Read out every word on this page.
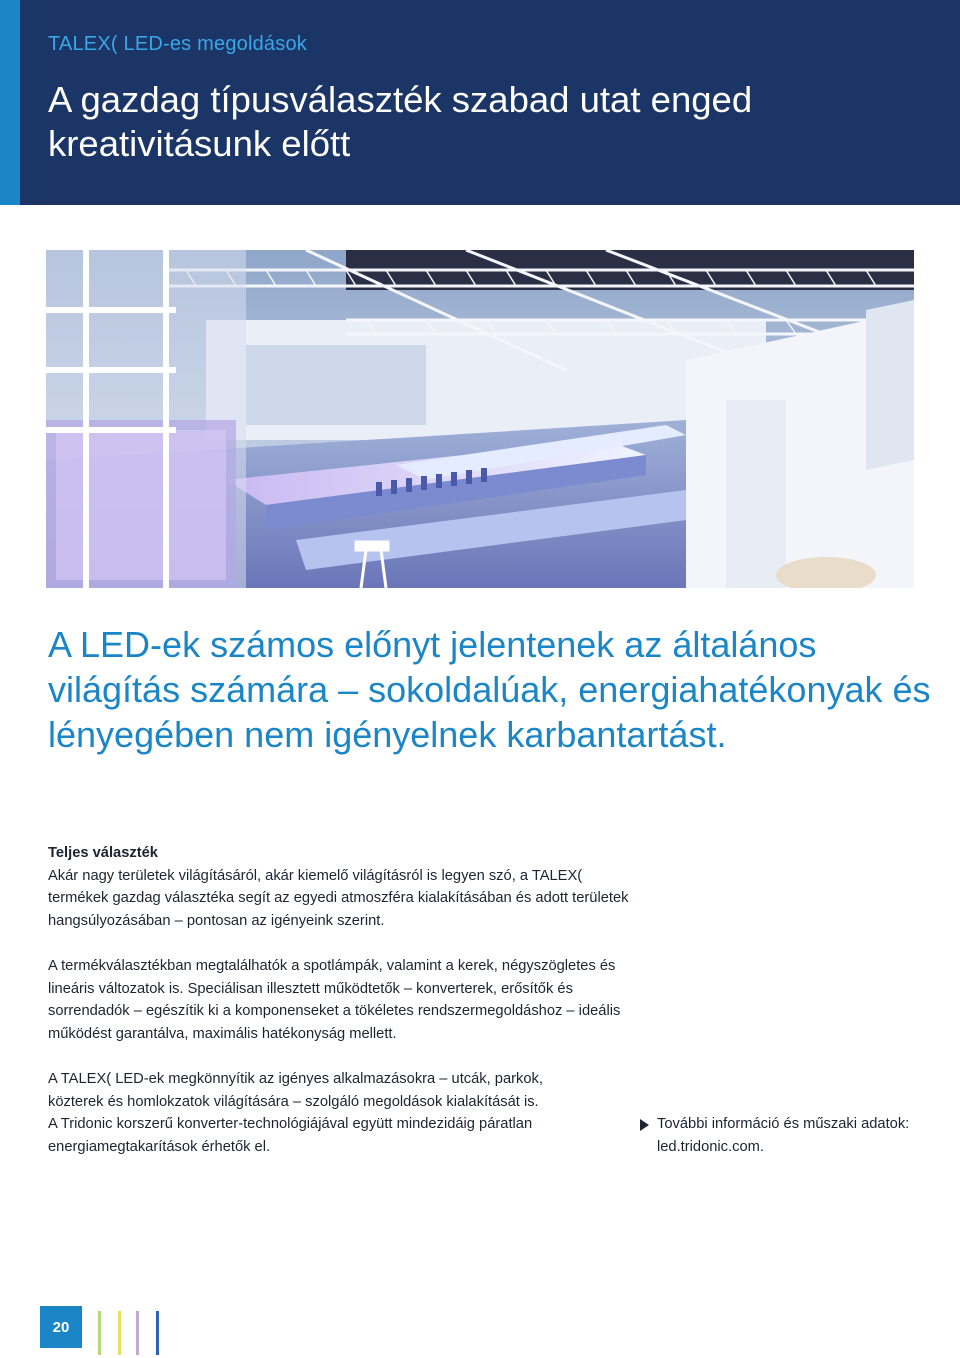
TALEX( LED-es megoldások
A gazdag típusválaszték szabad utat enged kreativitásunk előtt
A LED-ek számos előnyt jelentenek az általános világítás számára – sokoldalúak, energiahatékonyak és lényegében nem igényelnek karbantartást.
Teljes választék

Akár nagy területek világításáról, akár kiemelő világításról is legyen szó, a TALEX( termékek gazdag választéka segít az egyedi atmoszféra kialakításában és adott területek hangsúlyozásában – pontosan az igényeink szerint.

A termékválasztékban megtalálhatók a spotlámpák, valamint a kerek, négyszögletes és lineáris változatok is. Speciálisan illesztett működtetők – konverterek, erősítők és sorrendadók – egészítik ki a komponenseket a tökéletes rendszermegoldáshoz – ideális működést garantálva, maximális hatékonyság mellett.

A TALEX( LED-ek megkönnyítik az igényes alkalmazásokra – utcák, parkok, közterek és homlokzatok világítására – szolgáló megoldások kialakítását is. A Tridonic korszerű konverter-technológiájával együtt mindezidáig páratlan energiamegtakarítások érhetők el.

További információ és műszaki adatok: led.tridonic.com.
20
